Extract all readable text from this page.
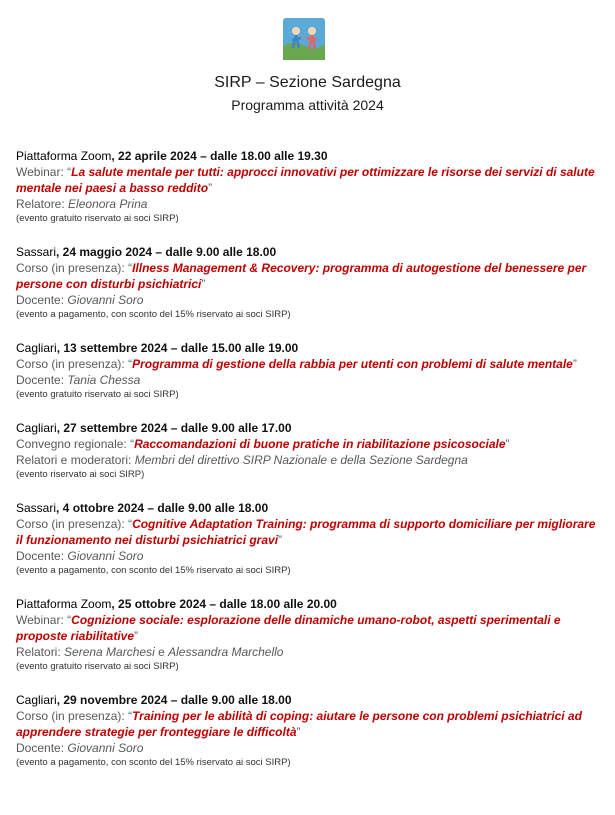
SIRP – Sezione Sardegna
Programma attività 2024
Piattaforma Zoom, 22 aprile 2024 – dalle 18.00 alle 19.30
Webinar: “La salute mentale per tutti: approcci innovativi per ottimizzare le risorse dei servizi di salute
mentale nei paesi a basso reddito”
Relatore: Eleonora Prina
(evento gratuito riservato ai soci SIRP)
Sassari, 24 maggio 2024 – dalle 9.00 alle 18.00
Corso (in presenza): “Illness Management & Recovery: programma di autogestione del benessere per
persone con disturbi psichiatrici”
Docente: Giovanni Soro
(evento a pagamento, con sconto del 15% riservato ai soci SIRP)
Cagliari, 13 settembre 2024 – dalle 15.00 alle 19.00
Corso (in presenza): “Programma di gestione della rabbia per utenti con problemi di salute mentale”
Docente: Tania Chessa
(evento gratuito riservato ai soci SIRP)
Cagliari, 27 settembre 2024 – dalle 9.00 alle 17.00
Convegno regionale: “Raccomandazioni di buone pratiche in riabilitazione psicosociale”
Relatori e moderatori: Membri del direttivo SIRP Nazionale e della Sezione Sardegna
(evento riservato ai soci SIRP)
Sassari, 4 ottobre 2024 – dalle 9.00 alle 18.00
Corso (in presenza): “Cognitive Adaptation Training: programma di supporto domiciliare per migliorare
il funzionamento nei disturbi psichiatrici gravi”
Docente: Giovanni Soro
(evento a pagamento, con sconto del 15% riservato ai soci SIRP)
Piattaforma Zoom, 25 ottobre 2024 – dalle 18.00 alle 20.00
Webinar: “Cognizione sociale: esplorazione delle dinamiche umano-robot, aspetti sperimentali e
proposte riabilitative”
Relatori: Serena Marchesi e Alessandra Marchello
(evento gratuito riservato ai soci SIRP)
Cagliari, 29 novembre 2024 – dalle 9.00 alle 18.00
Corso (in presenza): “Training per le abilità di coping: aiutare le persone con problemi psichiatrici ad
apprendere strategie per fronteggiare le difficoltà”
Docente: Giovanni Soro
(evento a pagamento, con sconto del 15% riservato ai soci SIRP)
